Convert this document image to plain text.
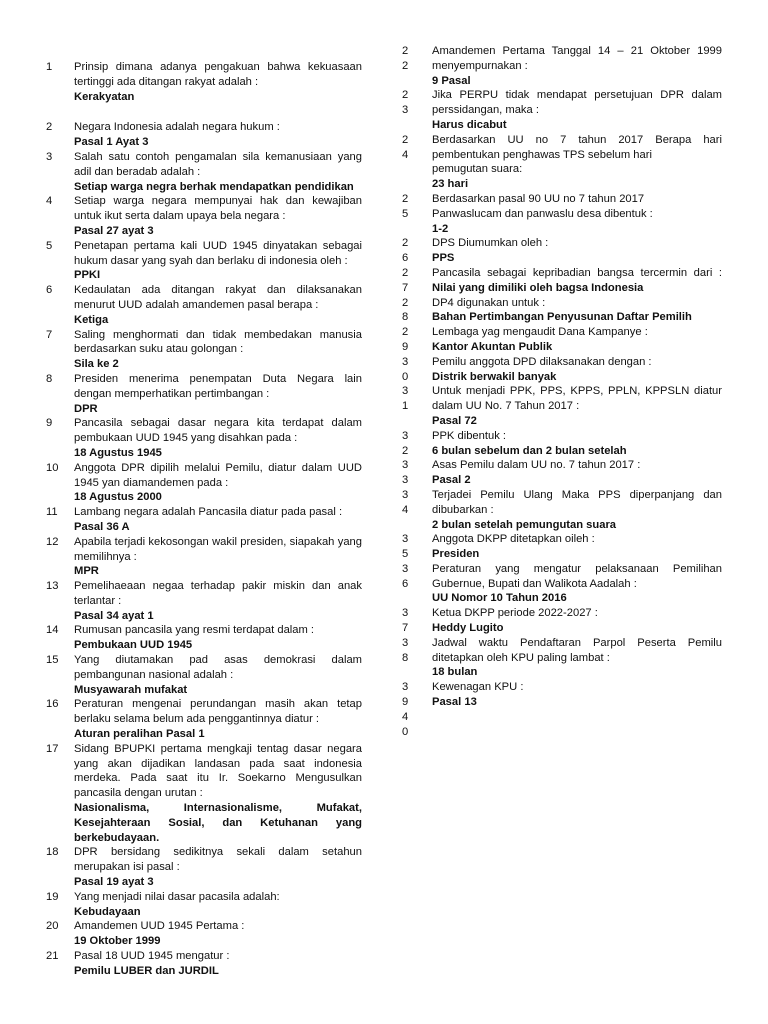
1	Prinsip dimana adanya pengakuan bahwa kekuasaan tertinggi ada ditangan rakyat adalah :
Kerakyatan
2	Negara Indonesia adalah negara hukum :
Pasal 1 Ayat 3
3	Salah satu contoh pengamalan sila kemanusiaan yang adil dan beradab adalah :
Setiap warga negra berhak mendapatkan pendidikan
4	Setiap warga negara mempunyai hak dan kewajiban untuk ikut serta dalam upaya bela negara :
Pasal 27 ayat 3
5	Penetapan pertama kali UUD 1945 dinyatakan sebagai hukum dasar yang syah dan berlaku di indonesia oleh :
PPKI
6	Kedaulatan ada ditangan rakyat dan dilaksanakan menurut UUD adalah amandemen pasal berapa :
Ketiga
7	Saling menghormati dan tidak membedakan manusia berdasarkan suku atau golongan :
Sila ke 2
8	Presiden menerima penempatan Duta Negara lain dengan memperhatikan pertimbangan :
DPR
9	Pancasila sebagai dasar negara kita terdapat dalam pembukaan UUD 1945 yang disahkan pada :
18 Agustus 1945
10	Anggota DPR dipilih melalui Pemilu, diatur dalam UUD 1945 yan diamandemen pada :
18 Agustus 2000
11	Lambang negara adalah Pancasila diatur pada pasal :
Pasal 36 A
12	Apabila terjadi kekosongan wakil presiden, siapakah yang memilihnya :
MPR
13	Pemelihaeaan negaa terhadap pakir miskin dan anak terlantar :
Pasal 34 ayat 1
14	Rumusan pancasila yang resmi terdapat dalam :
Pembukaan UUD 1945
15	Yang diutamakan pad asas demokrasi dalam pembangunan nasional adalah :
Musyawarah mufakat
16	Peraturan mengenai perundangan masih akan tetap berlaku selama belum ada penggantinnya diatur :
Aturan peralihan Pasal 1
17	Sidang BPUPKI pertama mengkaji tentag dasar negara yang akan dijadikan landasan pada saat indonesia merdeka. Pada saat itu Ir. Soekarno Mengusulkan pancasila dengan urutan :
Nasionalisma, Internasionalisme, Mufakat, Kesejahteraan Sosial, dan Ketuhanan yang berkebudayaan.
18	DPR bersidang sedikitnya sekali dalam setahun merupakan isi pasal :
Pasal 19 ayat 3
19	Yang menjadi nilai dasar pacasila adalah:
Kebudayaan
20	Amandemen UUD 1945 Pertama :
19 Oktober 1999
21	Pasal 18 UUD 1945 mengatur :
Pemilu LUBER dan JURDIL
2	Amandemen Pertama Tanggal 14 – 21 Oktober 1999
2	menyempurnakan :
9 Pasal
2	Jika PERPU tidak mendapat persetujuan DPR dalam
3	perssidangan, maka :
Harus dicabut
2	Berdasarkan UU no 7 tahun 2017 Berapa hari
4	pembentukan penghawas TPS sebelum hari
pemugutan suara:
23 hari
2	Berdasarkan pasal 90 UU no 7 tahun 2017
5	Panwaslucam dan panwaslu desa dibentuk :
1-2
2	DPS Diumumkan oleh :
6	PPS
2	Pancasila sebagai kepribadian bangsa tercermin dari :
7	Nilai yang dimiliki oleh bagsa Indonesia
2	DP4 digunakan untuk :
8	Bahan Pertimbangan Penyusunan Daftar Pemilih
2	Lembaga yag mengaudit Dana Kampanye :
9	Kantor Akuntan Publik
3	Pemilu anggota DPD dilaksanakan dengan :
0	Distrik berwakil banyak
3	Untuk menjadi PPK, PPS, KPPS, PPLN, KPPSLN diatur
1	dalam UU No. 7 Tahun 2017 :
Pasal 72
3	PPK dibentuk :
2	6 bulan sebelum dan 2 bulan setelah
3	Asas Pemilu dalam UU no. 7 tahun 2017 :
3	Pasal 2
3	Terjadei Pemilu Ulang Maka PPS diperpanjang dan
4	dibubarkan :
2 bulan setelah pemungutan suara
3	Anggota DKPP ditetapkan oileh :
5	Presiden
3	Peraturan yang mengatur pelaksanaan Pemilihan
6	Gubernue, Bupati dan Walikota Aadalah :
UU Nomor 10 Tahun 2016
3	Ketua DKPP periode 2022-2027 :
7	Heddy Lugito
3	Jadwal waktu Pendaftaran Parpol Peserta Pemilu
8	ditetapkan oleh KPU paling lambat :
18 bulan
3	Kewenagan KPU :
9	Pasal 13
4
0
